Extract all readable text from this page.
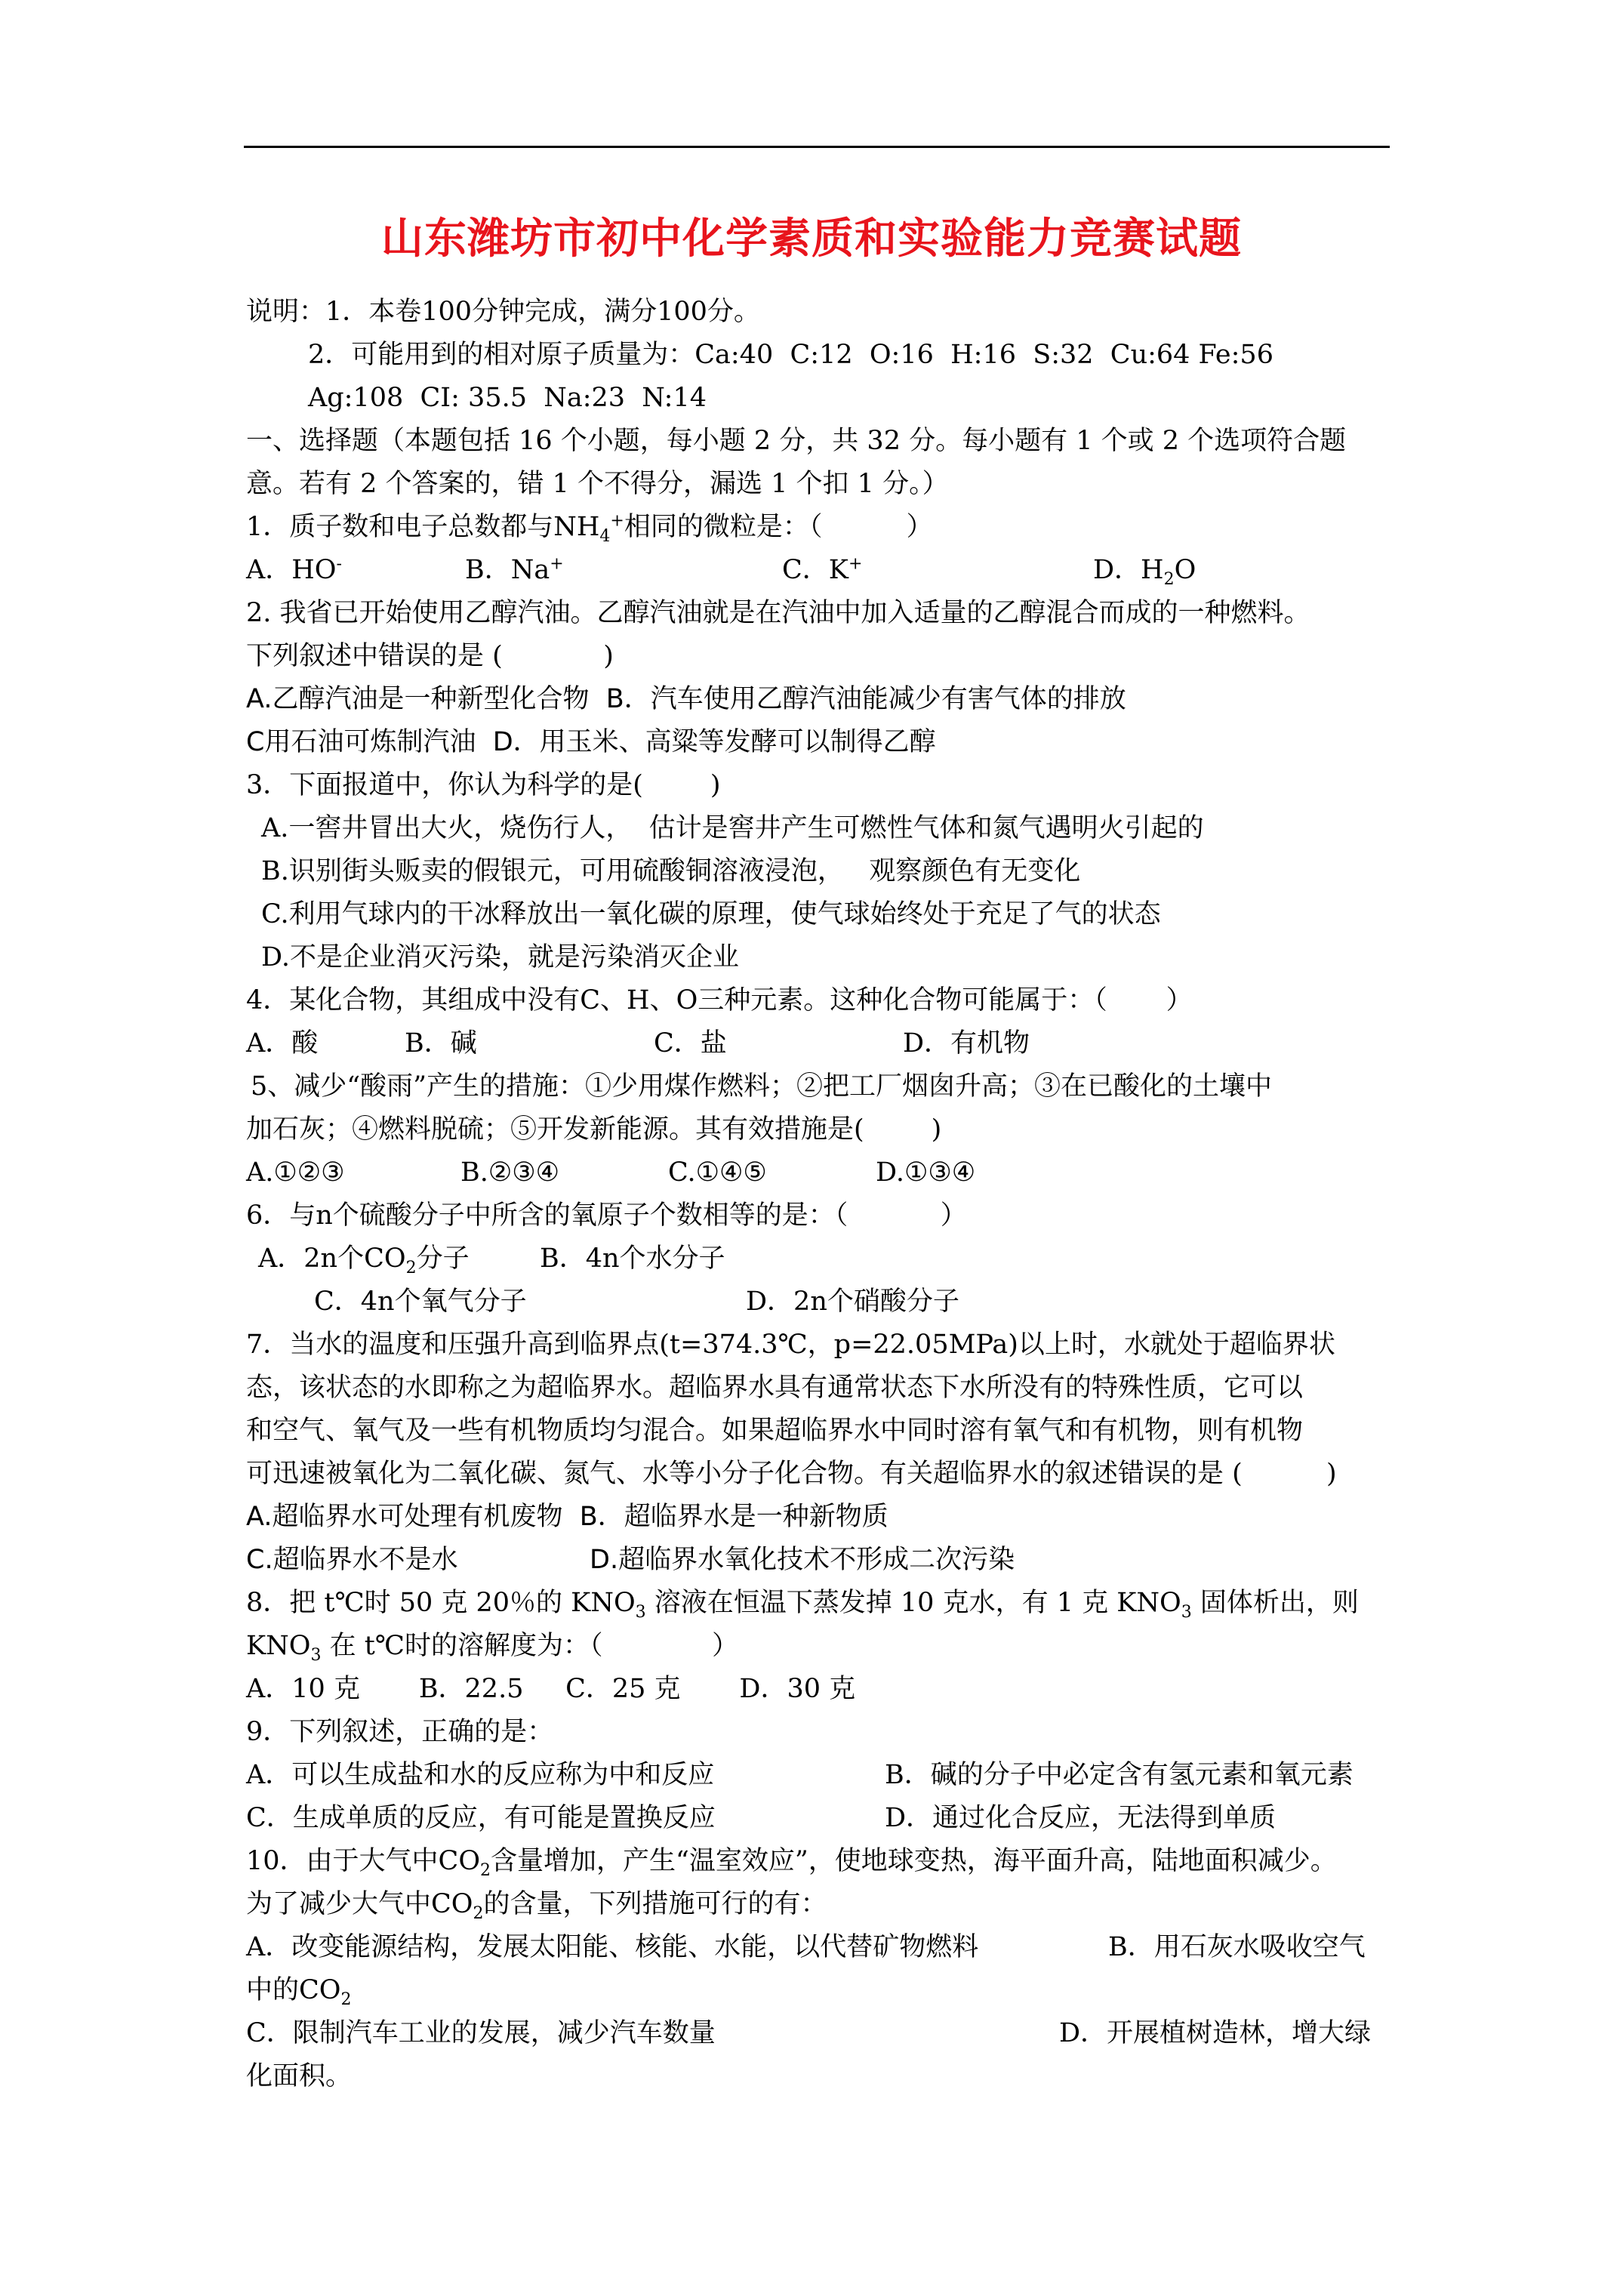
山东潍坊市初中化学素质和实验能力竞赛试题
说明：1．本卷100分钟完成，满分100分。
2．可能用到的相对原子质量为：Ca:40  C:12  O:16  H:16  S:32  Cu:64 Fe:56
Ag:108  CI: 35.5  Na:23  N:14
一、选择题（本题包括 16 个小题，每小题 2 分，共 32 分。每小题有 1 个或 2 个选项符合题
意。若有 2 个答案的，错 1 个不得分，漏选 1 个扣 1 分。）
1．质子数和电子总数都与$NH_4^+$相同的微粒是：（          ）
A．HO-	B．Na+	C．K+	D．$H_2O$
2. 我省已开始使用乙醇汽油。乙醇汽油就是在汽油中加入适量的乙醇混合而成的一种燃料。
下列叙述中错误的是 (            )
A.乙醇汽油是一种新型化合物  B．汽车使用乙醇汽油能减少有害气体的排放
C用石油可炼制汽油  D．用玉米、高粱等发酵可以制得乙醇
3．下面报道中，你认为科学的是(        )
A.一窖井冒出大火，烧伤行人，  估计是窖井产生可燃性气体和氮气遇明火引起的
B.识别街头贩卖的假银元，可用硫酸铜溶液浸泡，   观察颜色有无变化
C.利用气球内的干冰释放出一氧化碳的原理，使气球始终处于充足了气的状态
D.不是企业消灭污染，就是污染消灭企业
4．某化合物，其组成中没有C、H、O三种元素。这种化合物可能属于：（       ）
A．酸	B．碱	C．盐	D．有机物
5、减少“酸雨”产生的措施：①少用煤作燃料；②把工厂烟囱升高；③在已酸化的土壤中
加石灰；④燃料脱硫；⑤开发新能源。其有效措施是(        )
A.①②③	B.②③④	C.①④⑤	D.①③④
6．与n个硫酸分子中所含的氧原子个数相等的是：（           ）
A．2n个$CO_2$分子	B．4n个水分子
C．4n个氧气分子	D．2n个硝酸分子
7．当水的温度和压强升高到临界点(t=374.3℃，p=22.05MPa)以上时，水就处于超临界状
态，该状态的水即称之为超临界水。超临界水具有通常状态下水所没有的特殊性质，它可以
和空气、氧气及一些有机物质均匀混合。如果超临界水中同时溶有氧气和有机物，则有机物
可迅速被氧化为二氧化碳、氮气、水等小分子化合物。有关超临界水的叙述错误的是 (          )
A.超临界水可处理有机废物  B．超临界水是一种新物质
C.超临界水不是水	D.超临界水氧化技术不形成二次污染
8．把 t℃时 50 克 20％的 $KNO_3$ 溶液在恒温下蒸发掉 10 克水，有 1 克 $KNO_3$ 固体析出，则
$KNO_3$ 在 t℃时的溶解度为：（             ）
A．10 克       B．22.5     C．25 克       D．30 克
9．下列叙述，正确的是：
A．可以生成盐和水的反应称为中和反应	B．碱的分子中必定含有氢元素和氧元素
C．生成单质的反应，有可能是置换反应	D．通过化合反应，无法得到单质
10．由于大气中$CO_2$含量增加，产生“温室效应”，使地球变热，海平面升高，陆地面积减少。
为了减少大气中$CO_2$的含量，下列措施可行的有：
A．改变能源结构，发展太阳能、核能、水能，以代替矿物燃料	B．用石灰水吸收空气
中的$CO_2$
C．限制汽车工业的发展，减少汽车数量	D．开展植树造林，增大绿
化面积。
